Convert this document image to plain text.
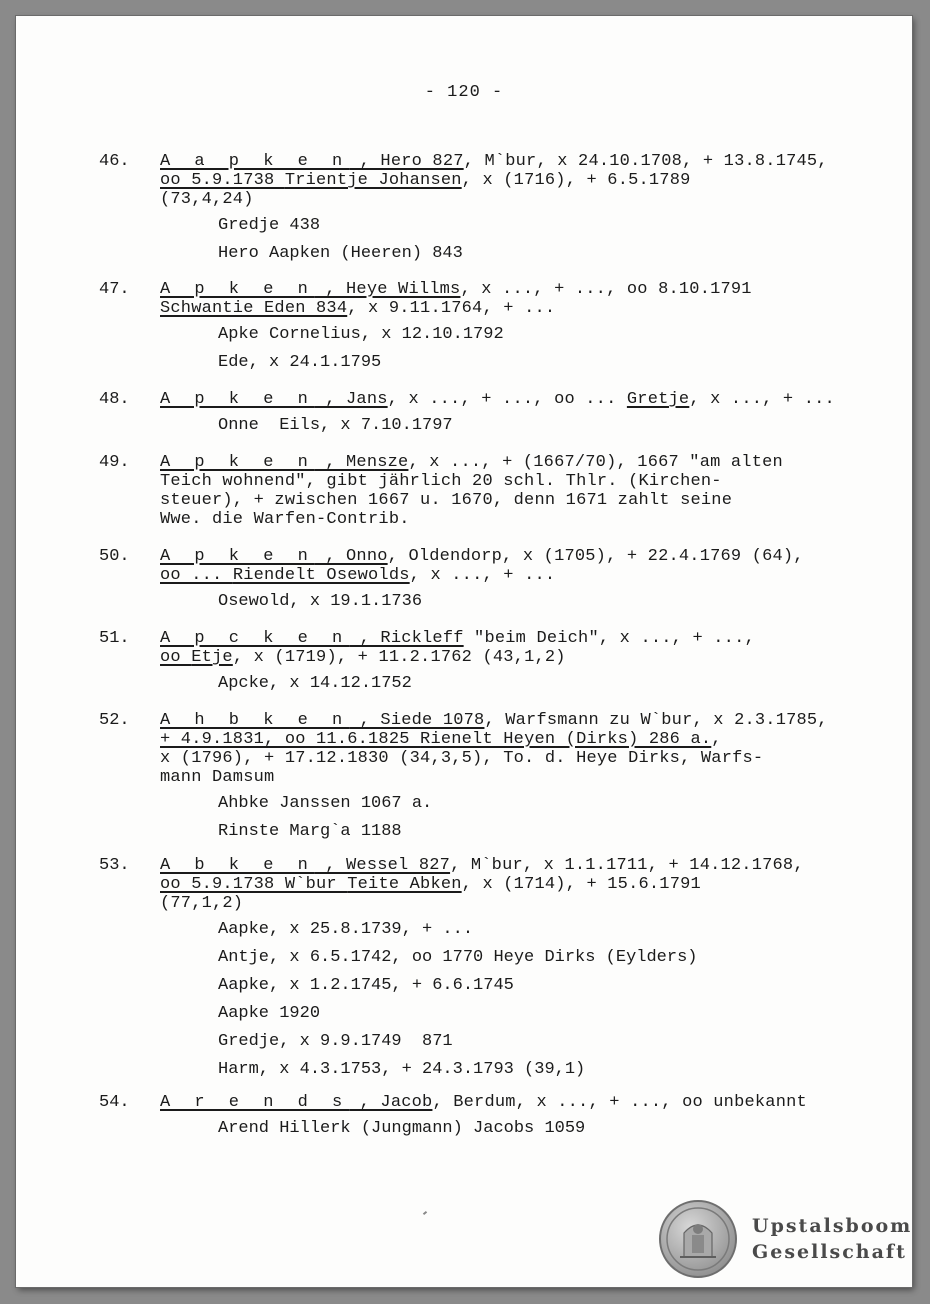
- 120 -
46. A a p k e n , Hero 827, M`bur, x 24.10.1708, + 13.8.1745,
oo 5.9.1738 Trientje Johansen, x (1716), + 6.5.1789
(73,4,24)
Gredje 438
Hero Aapken (Heeren) 843
47. A p k e n , Heye Willms, x ..., + ..., oo 8.10.1791
Schwantie Eden 834, x 9.11.1764, + ...
Apke Cornelius, x 12.10.1792
Ede, x 24.1.1795
48. A p k e n , Jans, x ..., + ..., oo ... Gretje, x ..., + ...
Onne  Eils, x 7.10.1797
49. A p k e n , Mensze, x ..., + (1667/70), 1667 "am alten
Teich wohnend", gibt jährlich 20 schl. Thlr. (Kirchen-
steuer), + zwischen 1667 u. 1670, denn 1671 zahlt seine
Wwe. die Warfen-Contrib.
50. A p k e n , Onno, Oldendorp, x (1705), + 22.4.1769 (64),
oo ... Riendelt Osewolds, x ..., + ...
Osewold, x 19.1.1736
51. A p c k e n , Rickleff "beim Deich", x ..., + ...,
oo Etje, x (1719), + 11.2.1762 (43,1,2)
Apcke, x 14.12.1752
52. A h b k e n , Siede 1078, Warfsmann zu W`bur, x 2.3.1785,
+ 4.9.1831, oo 11.6.1825 Rienelt Heyen (Dirks) 286 a.,
x (1796), + 17.12.1830 (34,3,5), To. d. Heye Dirks, Warfs-
mann Damsum
Ahbke Janssen 1067 a.
Rinste Marg`a 1188
53. A b k e n , Wessel 827, M`bur, x 1.1.1711, + 14.12.1768,
oo 5.9.1738 W`bur Teite Abken, x (1714), + 15.6.1791
(77,1,2)
Aapke, x 25.8.1739, + ...
Antje, x 6.5.1742, oo 1770 Heye Dirks (Eylders)
Aapke, x 1.2.1745, + 6.6.1745
Aapke 1920
Gredje, x 9.9.1749  871
Harm, x 4.3.1753, + 24.3.1793 (39,1)
54. A r e n d s , Jacob, Berdum, x ..., + ..., oo unbekannt
Arend Hillerk (Jungmann) Jacobs 1059
Upstalsboom
Gesellschaft
